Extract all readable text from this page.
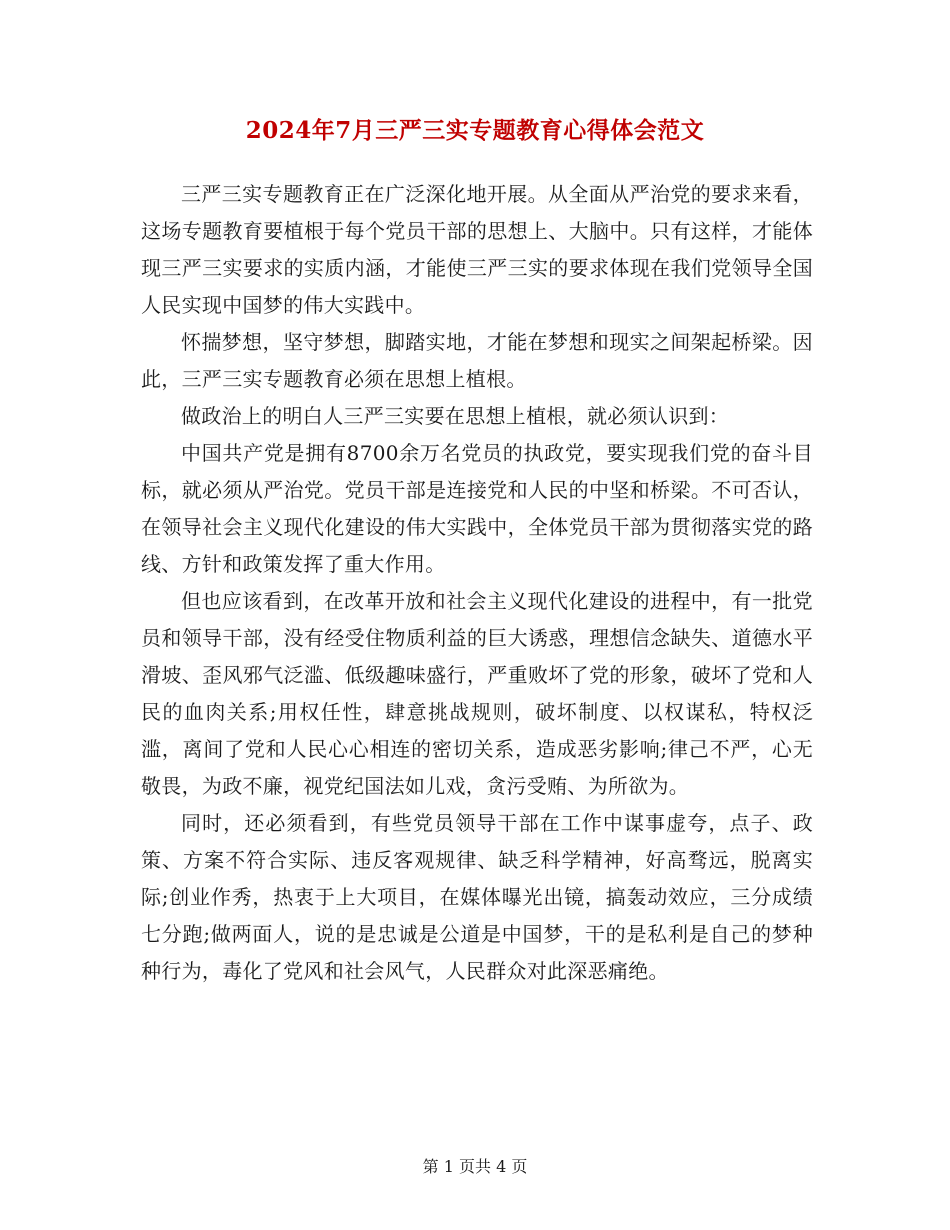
2024年7月三严三实专题教育心得体会范文

三严三实专题教育正在广泛深化地开展。从全面从严治党的要求来看，这场专题教育要植根于每个党员干部的思想上、大脑中。只有这样，才能体现三严三实要求的实质内涵，才能使三严三实的要求体现在我们党领导全国人民实现中国梦的伟大实践中。

怀揣梦想，坚守梦想，脚踏实地，才能在梦想和现实之间架起桥梁。因此，三严三实专题教育必须在思想上植根。

做政治上的明白人三严三实要在思想上植根，就必须认识到：

中国共产党是拥有8700余万名党员的执政党，要实现我们党的奋斗目标，就必须从严治党。党员干部是连接党和人民的中坚和桥梁。不可否认，在领导社会主义现代化建设的伟大实践中，全体党员干部为贯彻落实党的路线、方针和政策发挥了重大作用。

但也应该看到，在改革开放和社会主义现代化建设的进程中，有一批党员和领导干部，没有经受住物质利益的巨大诱惑，理想信念缺失、道德水平滑坡、歪风邪气泛滥、低级趣味盛行，严重败坏了党的形象，破坏了党和人民的血肉关系;用权任性，肆意挑战规则，破坏制度、以权谋私，特权泛滥，离间了党和人民心心相连的密切关系，造成恶劣影响;律己不严，心无敬畏，为政不廉，视党纪国法如儿戏，贪污受贿、为所欲为。

同时，还必须看到，有些党员领导干部在工作中谋事虚夸，点子、政策、方案不符合实际、违反客观规律、缺乏科学精神，好高骛远，脱离实际;创业作秀，热衷于上大项目，在媒体曝光出镜，搞轰动效应，三分成绩七分跑;做两面人，说的是忠诚是公道是中国梦，干的是私利是自己的梦种种行为，毒化了党风和社会风气，人民群众对此深恶痛绝。

第 1 页共 4 页
